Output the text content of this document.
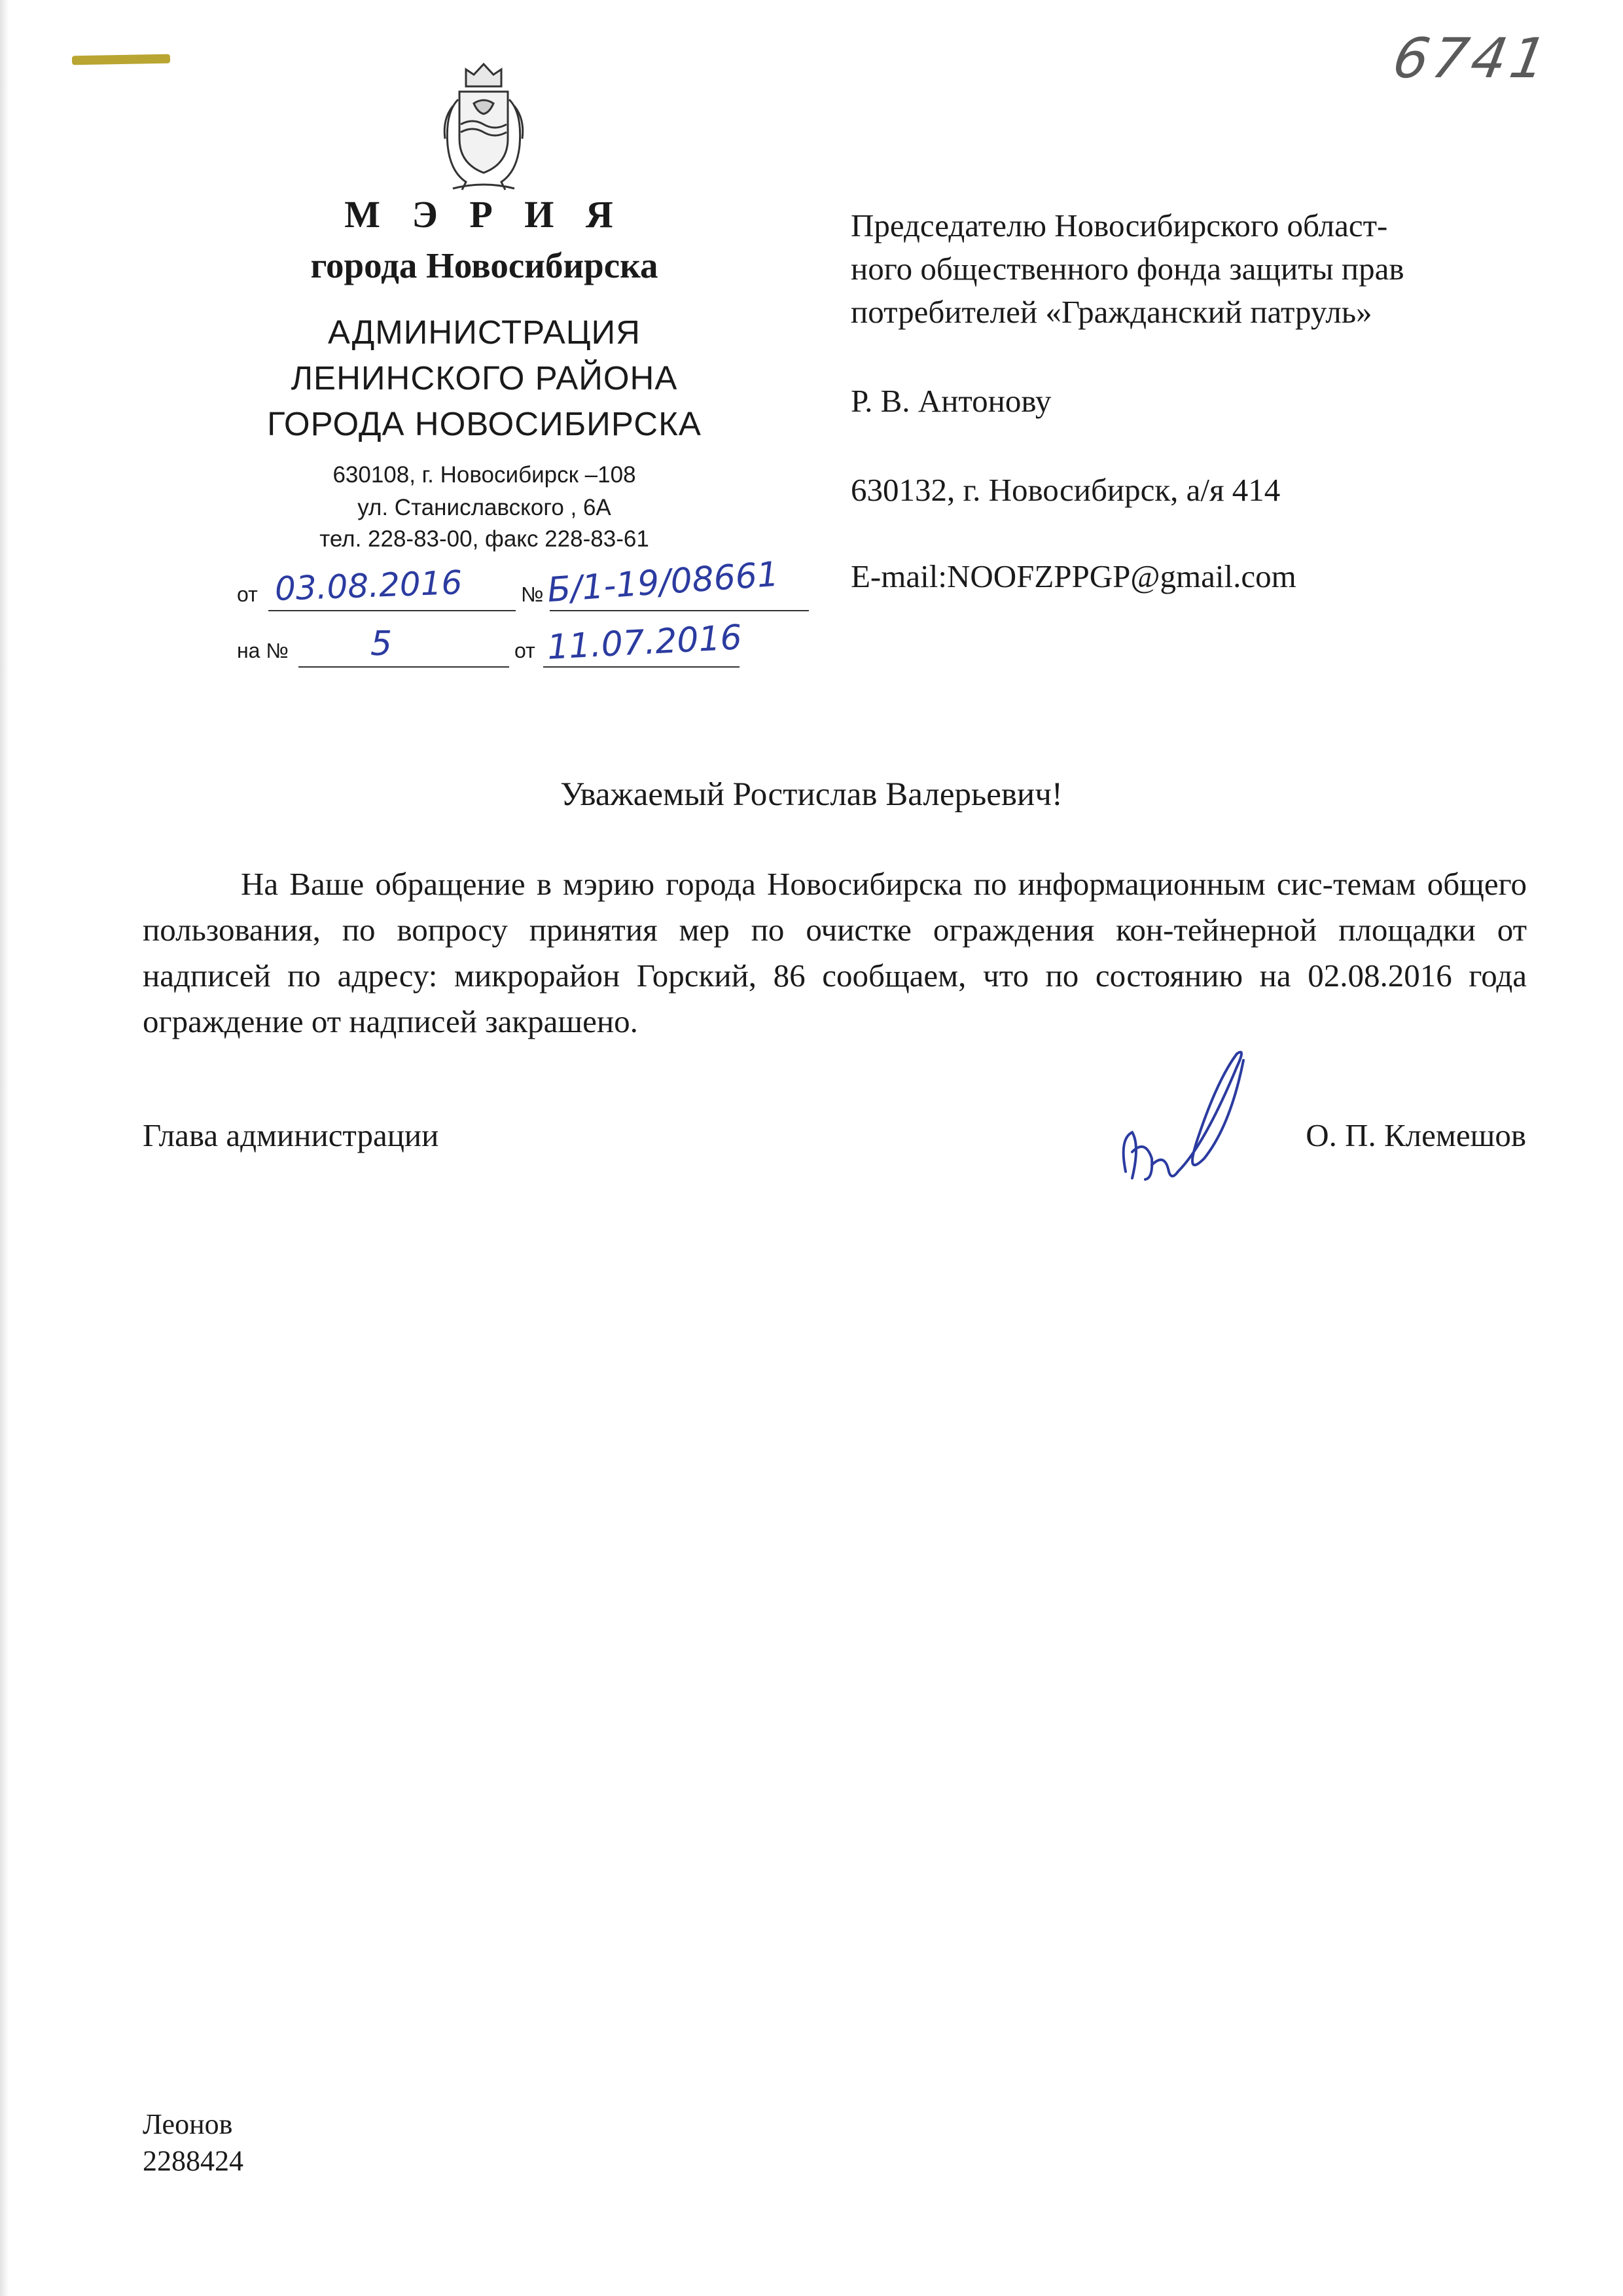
6741
М Э Р И Я
города Новосибирска
АДМИНИСТРАЦИЯ
ЛЕНИНСКОГО РАЙОНА
ГОРОДА НОВОСИБИРСКА
630108, г. Новосибирск –108
ул. Станиславского , 6А
тел. 228-83-00, факс 228-83-61
от 03.08.2016	№ Б/1-19/08661
на № 5	от 11.07.2016
Председателю Новосибирского област-
ного общественного фонда защиты прав
потребителей «Гражданский патруль»
Р. В. Антонову
630132, г. Новосибирск, а/я 414
E-mail:NOOFZPPGP@gmail.com
Уважаемый Ростислав Валерьевич!
На Ваше обращение в мэрию города Новосибирска по информационным сис-темам общего пользования, по вопросу принятия мер по очистке ограждения кон-тейнерной площадки от надписей по адресу: микрорайон Горский, 86 сообщаем, что по состоянию на 02.08.2016 года ограждение от надписей закрашено.
Глава администрации	О. П. Клемешов
Леонов
2288424
